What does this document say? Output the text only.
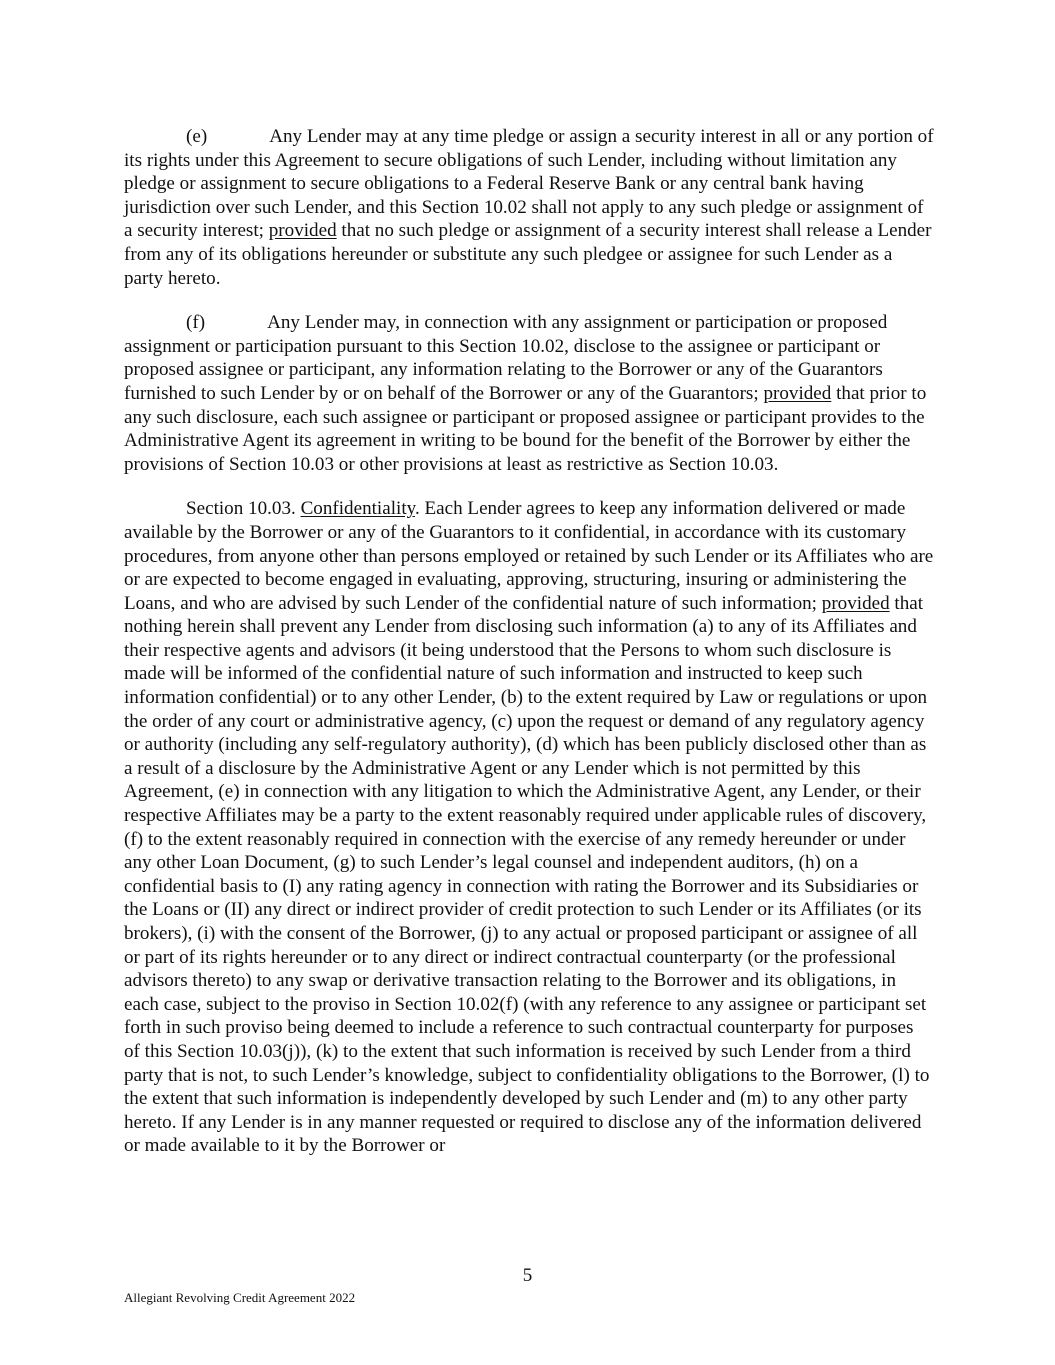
(e)	Any Lender may at any time pledge or assign a security interest in all or any portion of its rights under this Agreement to secure obligations of such Lender, including without limitation any pledge or assignment to secure obligations to a Federal Reserve Bank or any central bank having jurisdiction over such Lender, and this Section 10.02 shall not apply to any such pledge or assignment of a security interest; provided that no such pledge or assignment of a security interest shall release a Lender from any of its obligations hereunder or substitute any such pledgee or assignee for such Lender as a party hereto.

(f)	Any Lender may, in connection with any assignment or participation or proposed assignment or participation pursuant to this Section 10.02, disclose to the assignee or participant or proposed assignee or participant, any information relating to the Borrower or any of the Guarantors furnished to such Lender by or on behalf of the Borrower or any of the Guarantors; provided that prior to any such disclosure, each such assignee or participant or proposed assignee or participant provides to the Administrative Agent its agreement in writing to be bound for the benefit of the Borrower by either the provisions of Section 10.03 or other provisions at least as restrictive as Section 10.03.

Section 10.03. Confidentiality. Each Lender agrees to keep any information delivered or made available by the Borrower or any of the Guarantors to it confidential, in accordance with its customary procedures, from anyone other than persons employed or retained by such Lender or its Affiliates who are or are expected to become engaged in evaluating, approving, structuring, insuring or administering the Loans, and who are advised by such Lender of the confidential nature of such information; provided that nothing herein shall prevent any Lender from disclosing such information (a) to any of its Affiliates and their respective agents and advisors (it being understood that the Persons to whom such disclosure is made will be informed of the confidential nature of such information and instructed to keep such information confidential) or to any other Lender, (b) to the extent required by Law or regulations or upon the order of any court or administrative agency, (c) upon the request or demand of any regulatory agency or authority (including any self-regulatory authority), (d) which has been publicly disclosed other than as a result of a disclosure by the Administrative Agent or any Lender which is not permitted by this Agreement, (e) in connection with any litigation to which the Administrative Agent, any Lender, or their respective Affiliates may be a party to the extent reasonably required under applicable rules of discovery, (f) to the extent reasonably required in connection with the exercise of any remedy hereunder or under any other Loan Document, (g) to such Lender’s legal counsel and independent auditors, (h) on a confidential basis to (I) any rating agency in connection with rating the Borrower and its Subsidiaries or the Loans or (II) any direct or indirect provider of credit protection to such Lender or its Affiliates (or its brokers), (i) with the consent of the Borrower, (j) to any actual or proposed participant or assignee of all or part of its rights hereunder or to any direct or indirect contractual counterparty (or the professional advisors thereto) to any swap or derivative transaction relating to the Borrower and its obligations, in each case, subject to the proviso in Section 10.02(f) (with any reference to any assignee or participant set forth in such proviso being deemed to include a reference to such contractual counterparty for purposes of this Section 10.03(j)), (k) to the extent that such information is received by such Lender from a third party that is not, to such Lender’s knowledge, subject to confidentiality obligations to the Borrower, (l) to the extent that such information is independently developed by such Lender and (m) to any other party hereto. If any Lender is in any manner requested or required to disclose any of the information delivered or made available to it by the Borrower or

5
Allegiant Revolving Credit Agreement 2022
